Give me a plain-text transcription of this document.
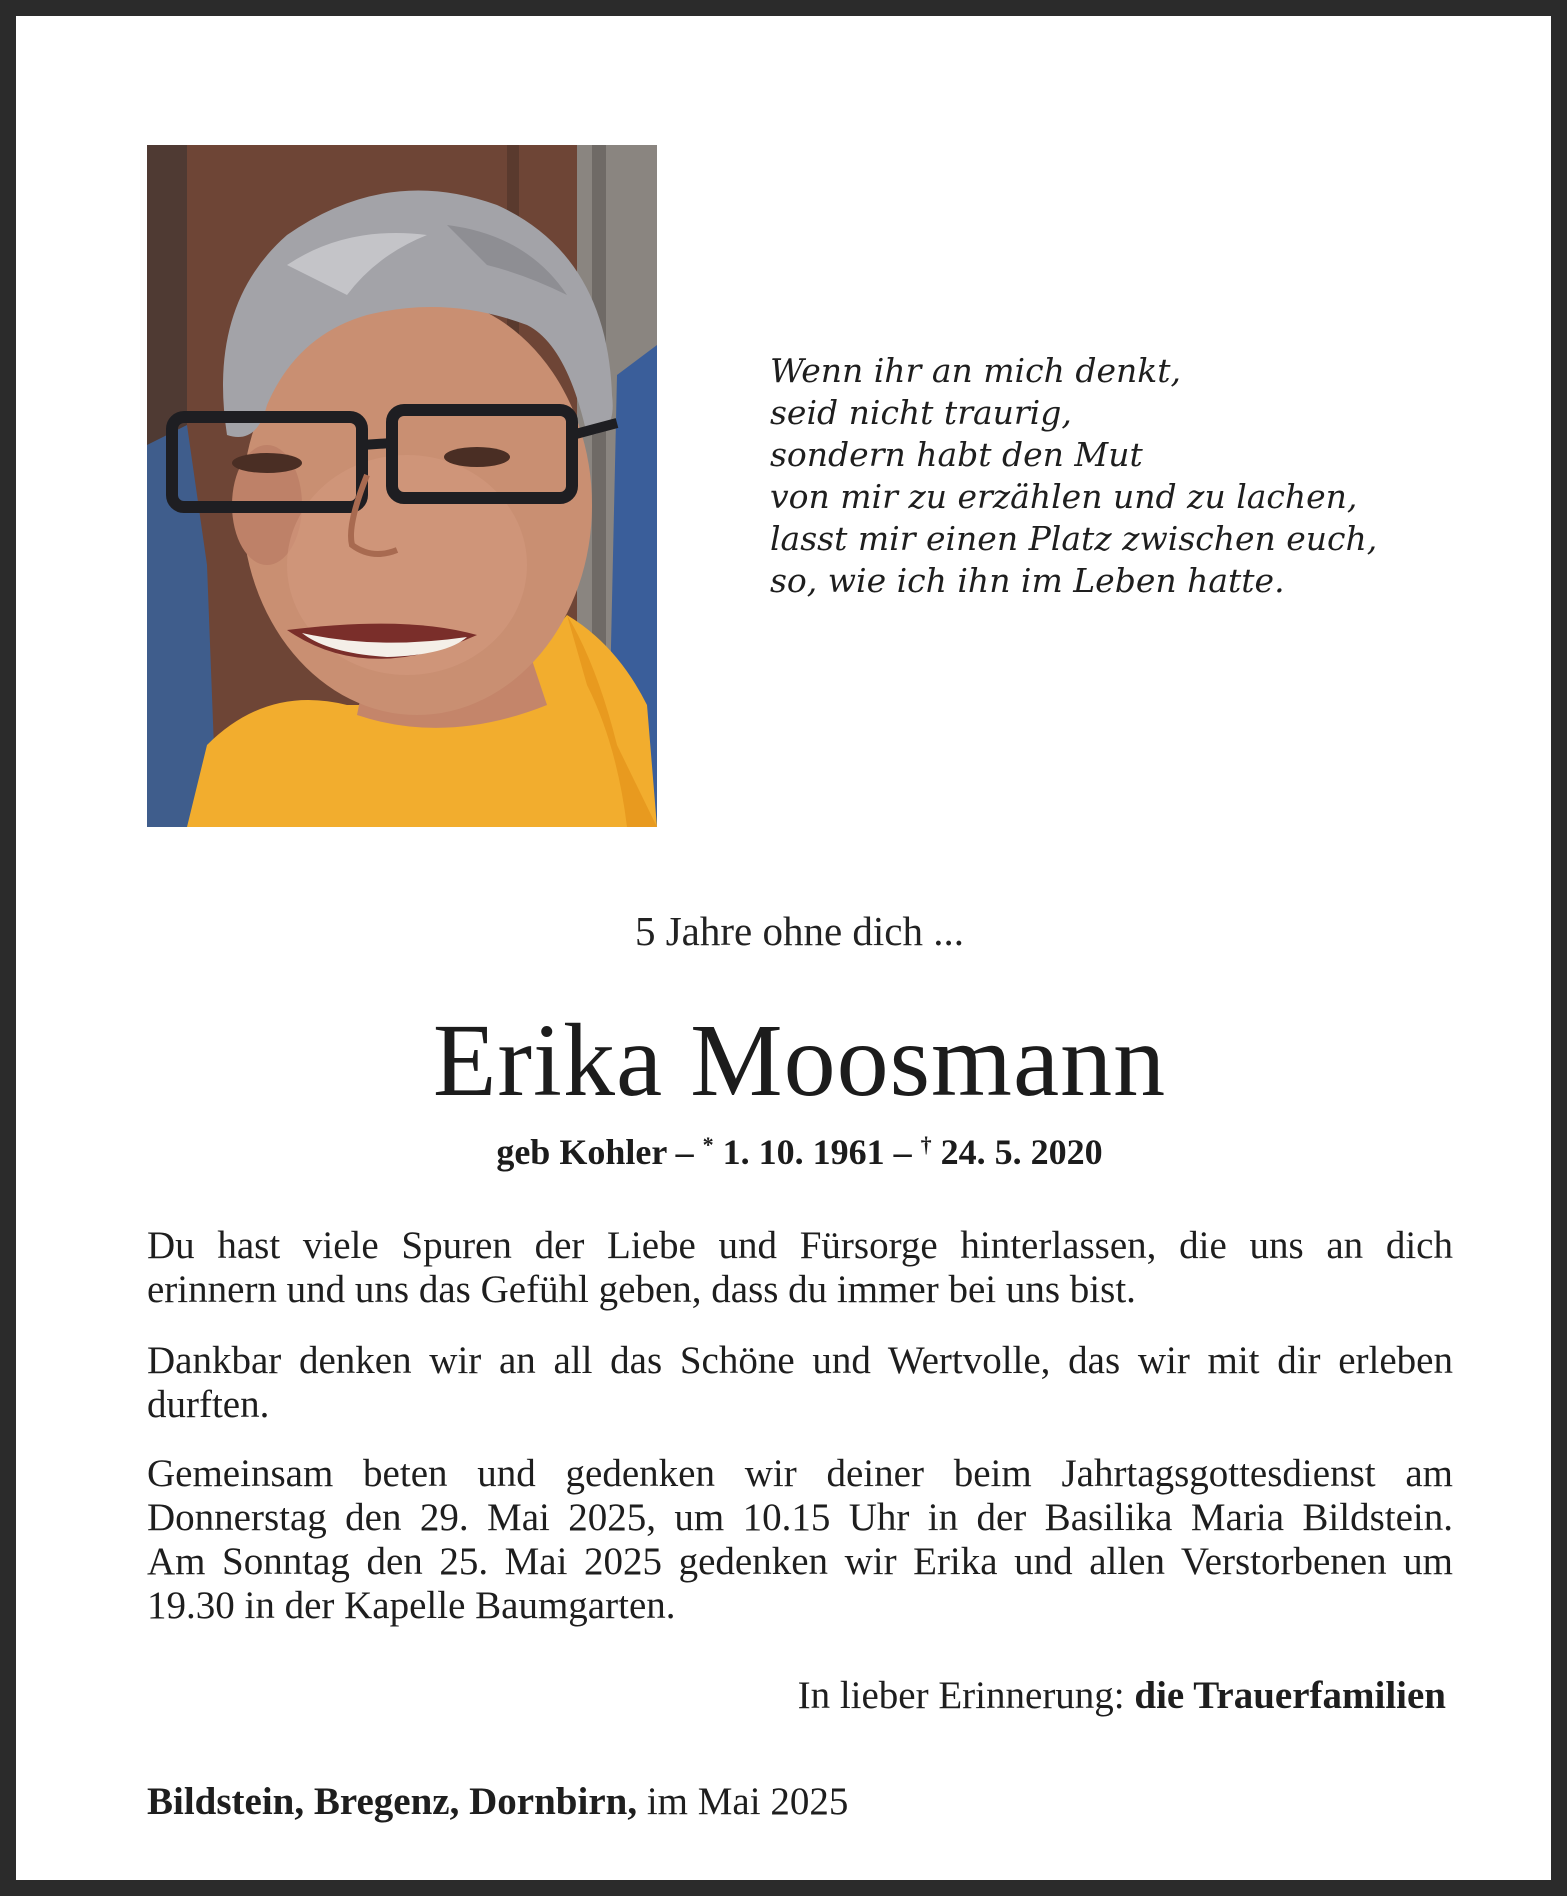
Wenn ihr an mich denkt,
seid nicht traurig,
sondern habt den Mut
von mir zu erzählen und zu lachen,
lasst mir einen Platz zwischen euch,
so, wie ich ihn im Leben hatte.
5 Jahre ohne dich ...
Erika Moosmann
geb Kohler – * 1. 10. 1961 – † 24. 5. 2020
Du hast viele Spuren der Liebe und Fürsorge hinterlassen, die uns an dich
erinnern und uns das Gefühl geben, dass du immer bei uns bist.
Dankbar denken wir an all das Schöne und Wertvolle, das wir mit dir erleben
durften.
Gemeinsam beten und gedenken wir deiner beim Jahrtagsgottesdienst am
Donnerstag den 29. Mai 2025, um 10.15 Uhr in der Basilika Maria Bildstein.
Am Sonntag den 25. Mai 2025 gedenken wir Erika und allen Verstorbenen um
19.30 in der Kapelle Baumgarten.
In lieber Erinnerung: die Trauerfamilien
Bildstein, Bregenz, Dornbirn, im Mai 2025
